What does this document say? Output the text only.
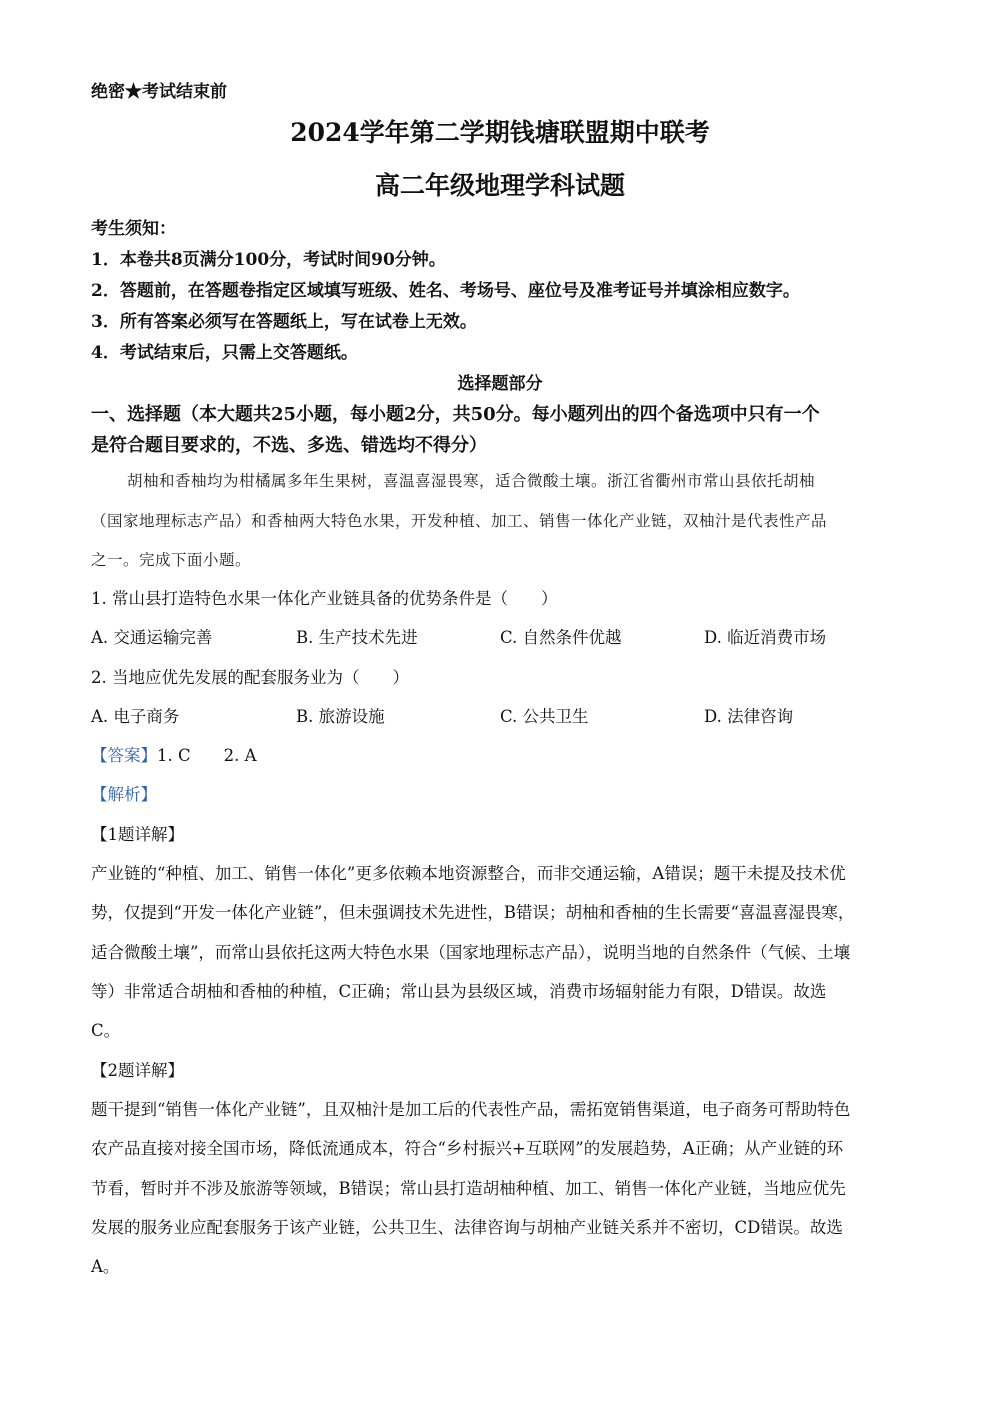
绝密★考试结束前
2024学年第二学期钱塘联盟期中联考
高二年级地理学科试题
考生须知：
1．本卷共8页满分100分，考试时间90分钟。
2．答题前，在答题卷指定区域填写班级、姓名、考场号、座位号及准考证号并填涂相应数字。
3．所有答案必须写在答题纸上，写在试卷上无效。
4．考试结束后，只需上交答题纸。
选择题部分
一、选择题（本大题共25小题，每小题2分，共50分。每小题列出的四个备选项中只有一个
是符合题目要求的，不选、多选、错选均不得分）
胡柚和香柚均为柑橘属多年生果树，喜温喜湿畏寒，适合微酸土壤。浙江省衢州市常山县依托胡柚
（国家地理标志产品）和香柚两大特色水果，开发种植、加工、销售一体化产业链，双柚汁是代表性产品
之一。完成下面小题。
1. 常山县打造特色水果一体化产业链具备的优势条件是（　　）
A. 交通运输完善	B. 生产技术先进	C. 自然条件优越	D. 临近消费市场
2. 当地应优先发展的配套服务业为（　　）
A. 电子商务	B. 旅游设施	C. 公共卫生	D. 法律咨询
【答案】1. C　　2. A
【解析】
【1题详解】
产业链的“种植、加工、销售一体化”更多依赖本地资源整合，而非交通运输，A错误；题干未提及技术优
势，仅提到“开发一体化产业链”，但未强调技术先进性，B错误；胡柚和香柚的生长需要“喜温喜湿畏寒，
适合微酸土壤”，而常山县依托这两大特色水果（国家地理标志产品），说明当地的自然条件（气候、土壤
等）非常适合胡柚和香柚的种植，C正确；常山县为县级区域，消费市场辐射能力有限，D错误。故选
C。
【2题详解】
题干提到“销售一体化产业链”，且双柚汁是加工后的代表性产品，需拓宽销售渠道，电子商务可帮助特色
农产品直接对接全国市场，降低流通成本，符合“乡村振兴+互联网”的发展趋势，A正确；从产业链的环
节看，暂时并不涉及旅游等领域，B错误；常山县打造胡柚种植、加工、销售一体化产业链，当地应优先
发展的服务业应配套服务于该产业链，公共卫生、法律咨询与胡柚产业链关系并不密切，CD错误。故选
A。
